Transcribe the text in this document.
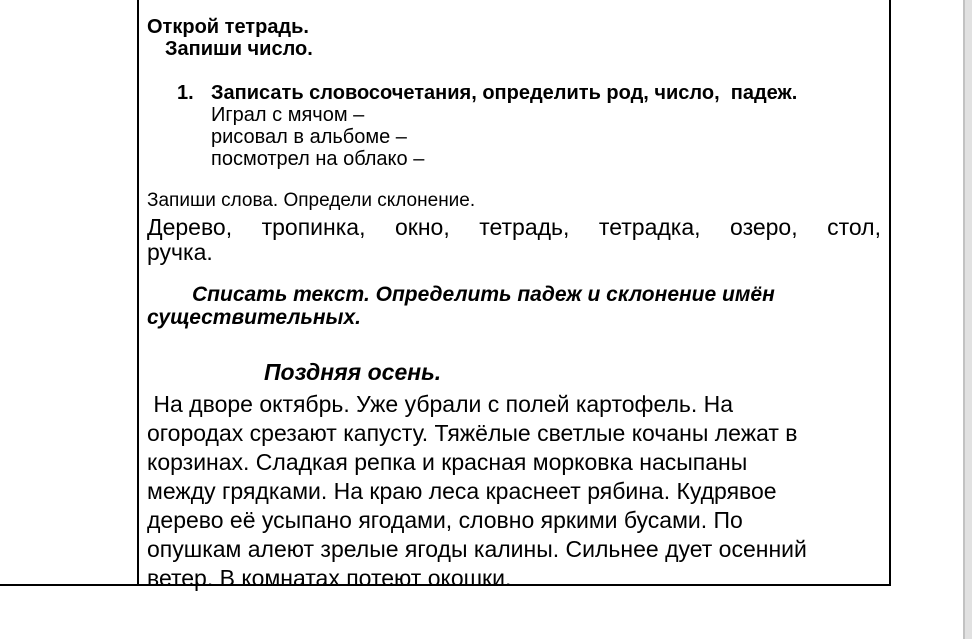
Открой тетрадь.
Запиши число.
1. Записать словосочетания, определить род, число,  падеж.
Играл с мячом –
рисовал в альбоме –
посмотрел на облако –
Запиши слова. Определи склонение.
Дерево, тропинка, окно, тетрадь, тетрадка, озеро, стол,
ручка.
Списать текст. Определить падеж и склонение имён
существительных.
Поздняя осень.
На дворе октябрь. Уже убрали с полей картофель. На
огородах срезают капусту. Тяжёлые светлые кочаны лежат в
корзинах. Сладкая репка и красная морковка насыпаны
между грядками. На краю леса краснеет рябина. Кудрявое
дерево её усыпано ягодами, словно яркими бусами. По
опушкам алеют зрелые ягоды калины. Сильнее дует осенний
ветер. В комнатах потеют окошки.
